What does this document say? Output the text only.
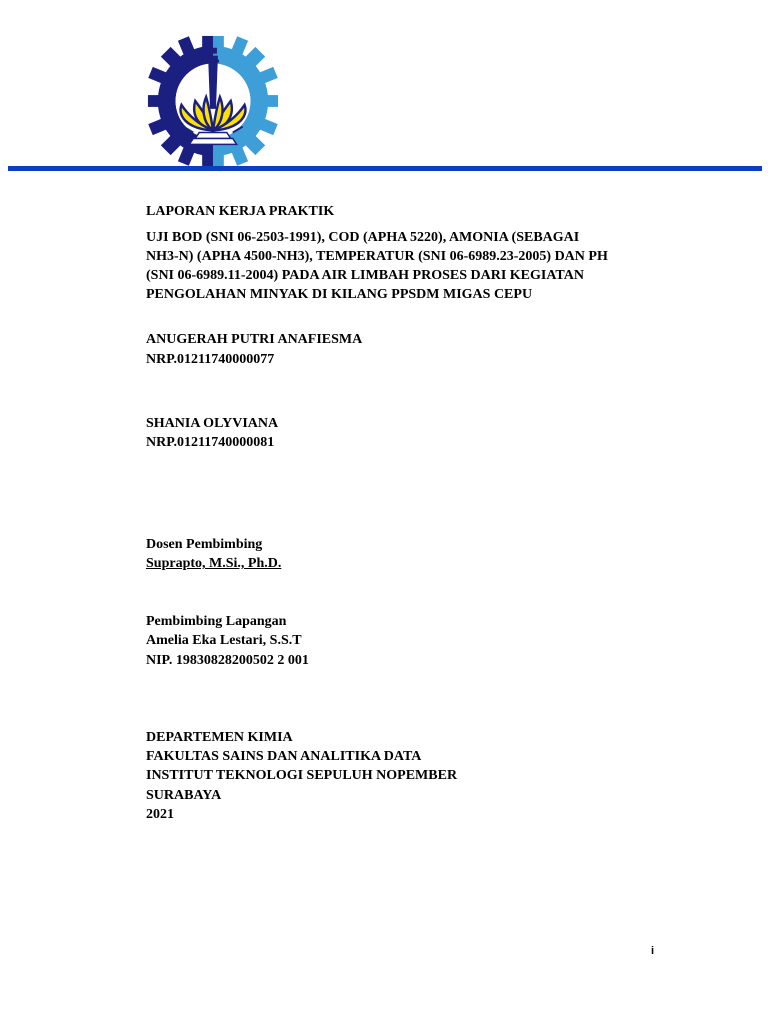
LAPORAN KERJA PRAKTIK
UJI BOD (SNI 06-2503-1991), COD (APHA 5220), AMONIA (SEBAGAI
NH3-N) (APHA 4500-NH3), TEMPERATUR (SNI 06-6989.23-2005) DAN PH
(SNI 06-6989.11-2004) PADA AIR LIMBAH PROSES DARI KEGIATAN
PENGOLAHAN MINYAK DI KILANG PPSDM MIGAS CEPU
ANUGERAH PUTRI ANAFIESMA
NRP.01211740000077
SHANIA OLYVIANA
NRP.01211740000081
Dosen Pembimbing
Suprapto, M.Si., Ph.D.
Pembimbing Lapangan
Amelia Eka Lestari, S.S.T
NIP. 19830828200502 2 001
DEPARTEMEN KIMIA
FAKULTAS SAINS DAN ANALITIKA DATA
INSTITUT TEKNOLOGI SEPULUH NOPEMBER
SURABAYA
2021
i
